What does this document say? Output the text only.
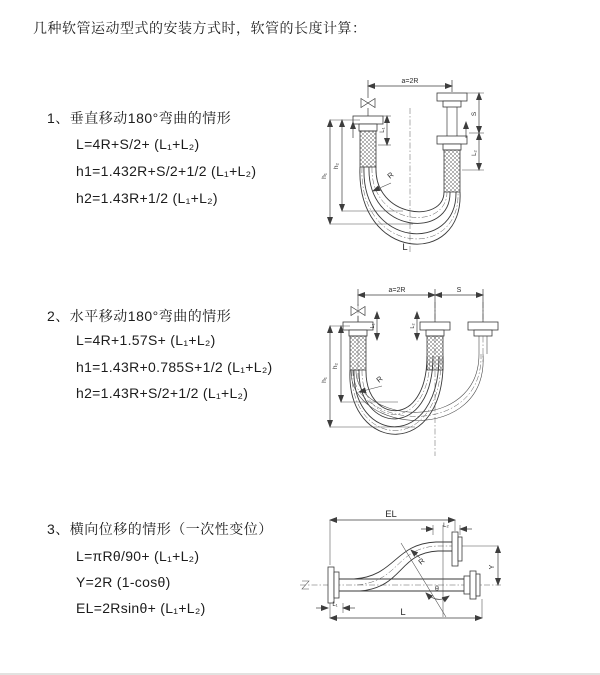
几种软管运动型式的安装方式时，软管的长度计算：
1、垂直移动180°弯曲的情形
L=4R+S/2+ (L₁+L₂)
h1=1.432R+S/2+1/2 (L₁+L₂)
h2=1.43R+1/2 (L₁+L₂)
2、水平移动180°弯曲的情形
L=4R+1.57S+ (L₁+L₂)
h1=1.43R+0.785S+1/2 (L₁+L₂)
h2=1.43R+S/2+1/2 (L₁+L₂)
3、横向位移的情形（一次性变位）
L=πRθ/90+ (L₁+L₂)
Y=2R (1-cosθ)
EL=2Rsinθ+ (L₁+L₂)
a=2R
L₁
S
L₂
h₁
h₂
R
L
a=2R	S
L₁	L₂
h₁
h₂
R
EL
L₂
Y
θ
R
L₁
L
